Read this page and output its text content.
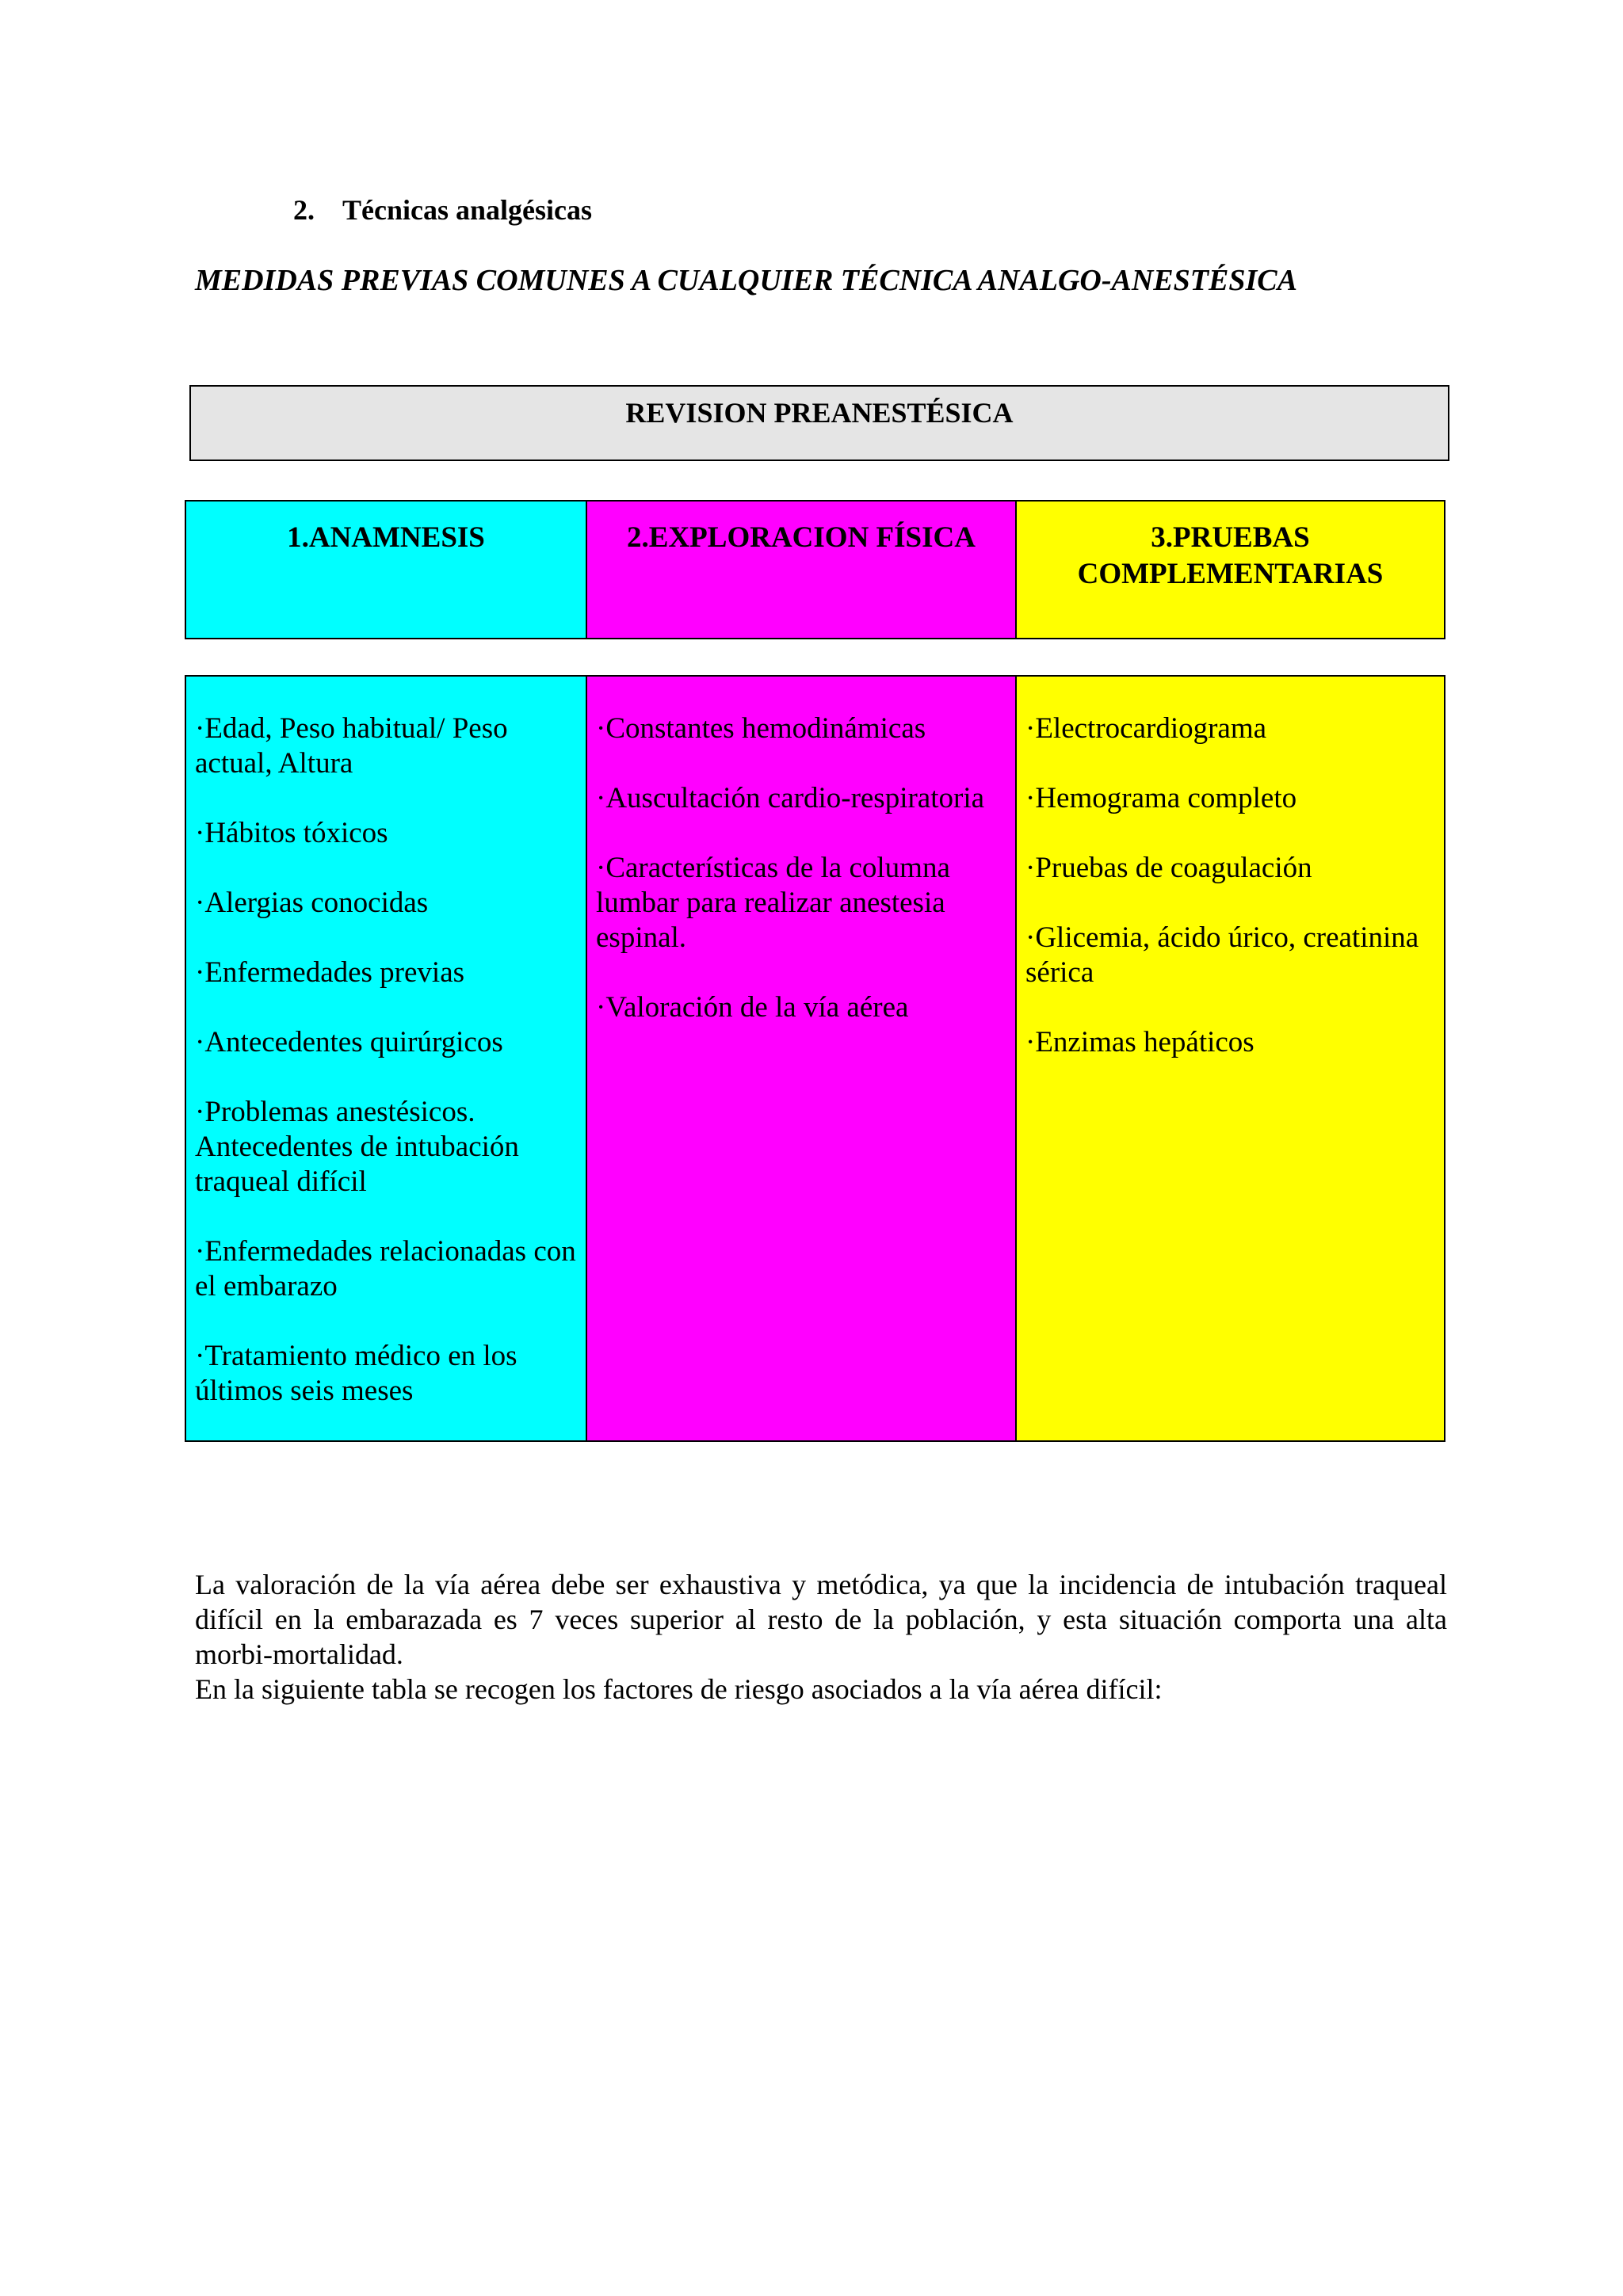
2. Técnicas analgésicas
MEDIDAS PREVIAS COMUNES A CUALQUIER TÉCNICA ANALGO-ANESTÉSICA
REVISION PREANESTÉSICA
1.ANAMNESIS	2.EXPLORACION FÍSICA	3.PRUEBAS COMPLEMENTARIAS
·Edad, Peso habitual/ Peso actual, Altura
·Hábitos tóxicos
·Alergias conocidas
·Enfermedades previas
·Antecedentes quirúrgicos
·Problemas anestésicos. Antecedentes de intubación traqueal difícil
·Enfermedades relacionadas con el embarazo
·Tratamiento médico en los últimos seis meses
·Constantes hemodinámicas
·Auscultación cardio-respiratoria
·Características de la columna lumbar para realizar anestesia espinal.
·Valoración de la vía aérea
·Electrocardiograma
·Hemograma completo
·Pruebas de coagulación
·Glicemia, ácido úrico, creatinina sérica
·Enzimas hepáticos
La valoración de la vía aérea debe ser exhaustiva y metódica, ya que la incidencia de intubación traqueal difícil en la embarazada es 7 veces superior al resto de la población, y esta situación comporta una alta morbi-mortalidad.
En la siguiente tabla se recogen los factores de riesgo asociados a la vía aérea difícil:
